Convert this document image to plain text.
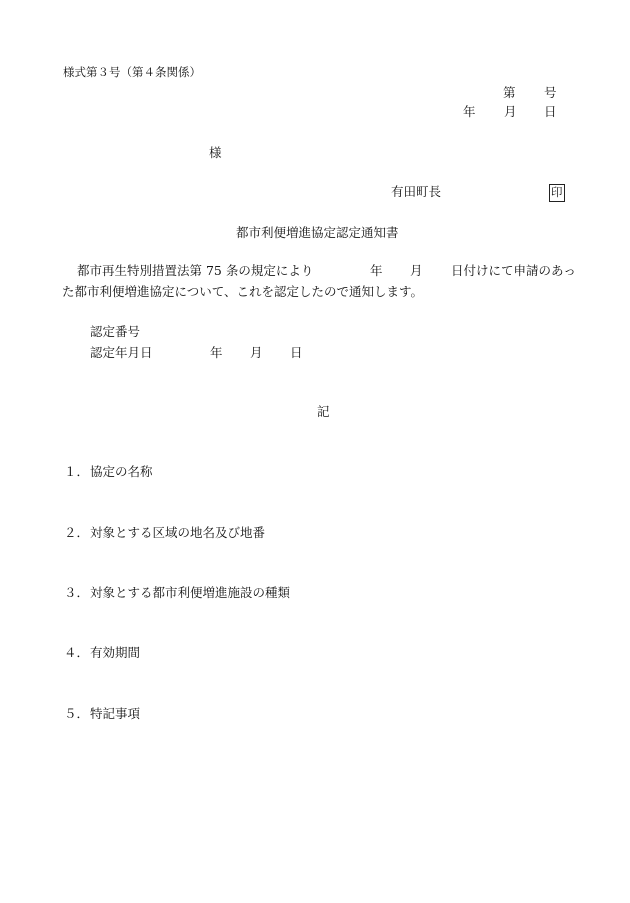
様式第３号（第４条関係）
第 号
年 月 日
様
有田町長	印
都市利便増進協定認定通知書
都市再生特別措置法第 75 条の規定により	年 月 日付けにて申請のあっ
た都市利便増進協定について、これを認定したので通知します。
認定番号
認定年月日	年 月 日
記
１．協定の名称
２．対象とする区域の地名及び地番
３．対象とする都市利便増進施設の種類
４．有効期間
５．特記事項
